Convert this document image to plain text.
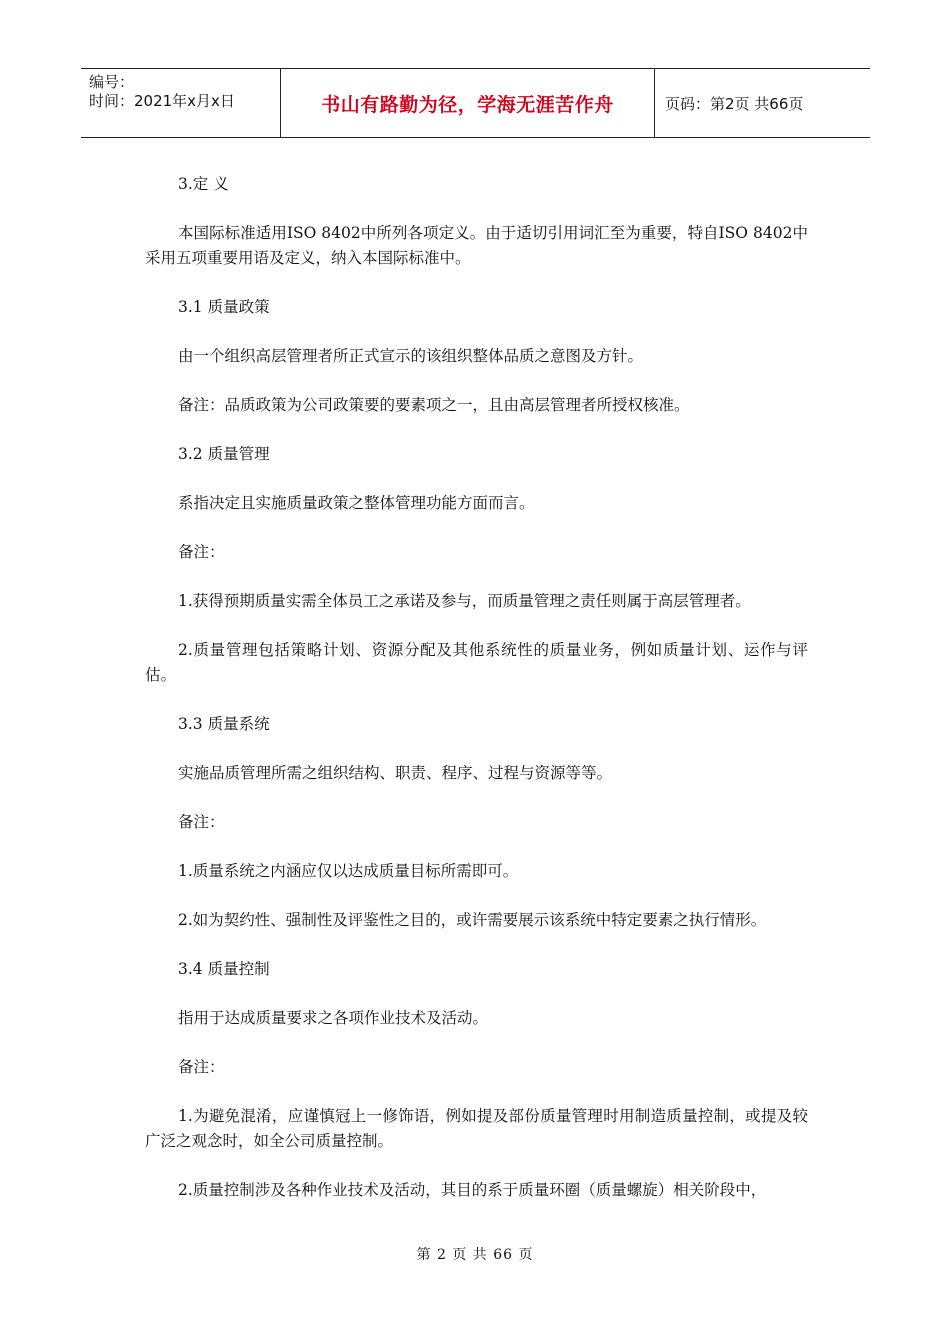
编号：
时间：2021年x月x日	书山有路勤为径，学海无涯苦作舟	页码：第2页 共66页

3.定 义

本国际标准适用ISO 8402中所列各项定义。由于适切引用词汇至为重要，特自ISO 8402中采用五项重要用语及定义，纳入本国际标准中。

3.1 质量政策

由一个组织高层管理者所正式宣示的该组织整体品质之意图及方针。

备注：品质政策为公司政策要的要素项之一，且由高层管理者所授权核准。

3.2 质量管理

系指决定且实施质量政策之整体管理功能方面而言。

备注：

1.获得预期质量实需全体员工之承诺及参与，而质量管理之责任则属于高层管理者。

2.质量管理包括策略计划、资源分配及其他系统性的质量业务，例如质量计划、运作与评估。

3.3 质量系统

实施品质管理所需之组织结构、职责、程序、过程与资源等等。

备注：

1.质量系统之内涵应仅以达成质量目标所需即可。

2.如为契约性、强制性及评鉴性之目的，或许需要展示该系统中特定要素之执行情形。

3.4 质量控制

指用于达成质量要求之各项作业技术及活动。

备注：

1.为避免混淆，应谨慎冠上一修饰语，例如提及部份质量管理时用制造质量控制，或提及较广泛之观念时，如全公司质量控制。

2.质量控制涉及各种作业技术及活动，其目的系于质量环圈（质量螺旋）相关阶段中，

第 2 页 共 66 页
